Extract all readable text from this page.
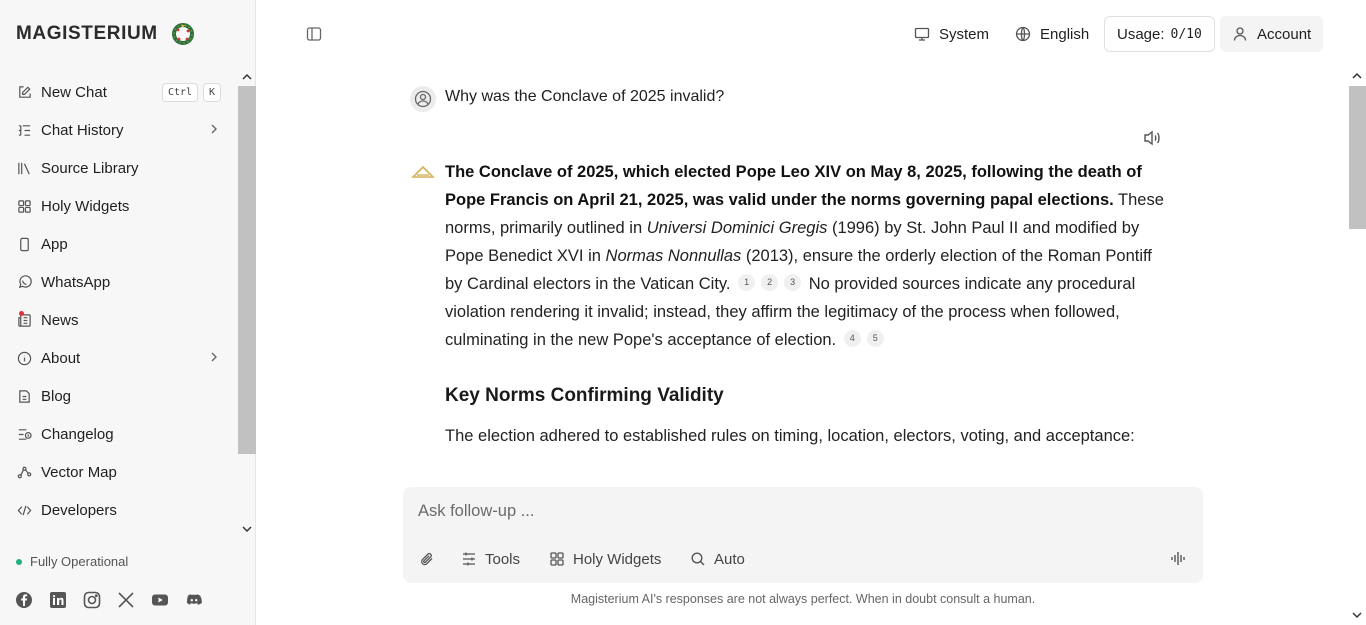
MAGISTERIUM
New Chat	Ctrl	K
Chat History
Source Library
Holy Widgets
App
WhatsApp
News
About
Blog
Changelog
Vector Map
Developers
Fully Operational
System	English Usage: 0/10	Account
Why was the Conclave of 2025 invalid?
The Conclave of 2025, which elected Pope Leo XIV on May 8, 2025, following the death of Pope Francis on April 21, 2025, was valid under the norms governing papal elections. These norms, primarily outlined in Universi Dominici Gregis (1996) by St. John Paul II and modified by Pope Benedict XVI in Normas Nonnullas (2013), ensure the orderly election of the Roman Pontiff by Cardinal electors in the Vatican City. 1 2 3 No provided sources indicate any procedural violation rendering it invalid; instead, they affirm the legitimacy of the process when followed, culminating in the new Pope's acceptance of election. 4 5
Key Norms Confirming Validity
The election adhered to established rules on timing, location, electors, voting, and acceptance:
Ask follow-up ...
Tools	Holy Widgets	Auto
Magisterium AI's responses are not always perfect. When in doubt consult a human.
